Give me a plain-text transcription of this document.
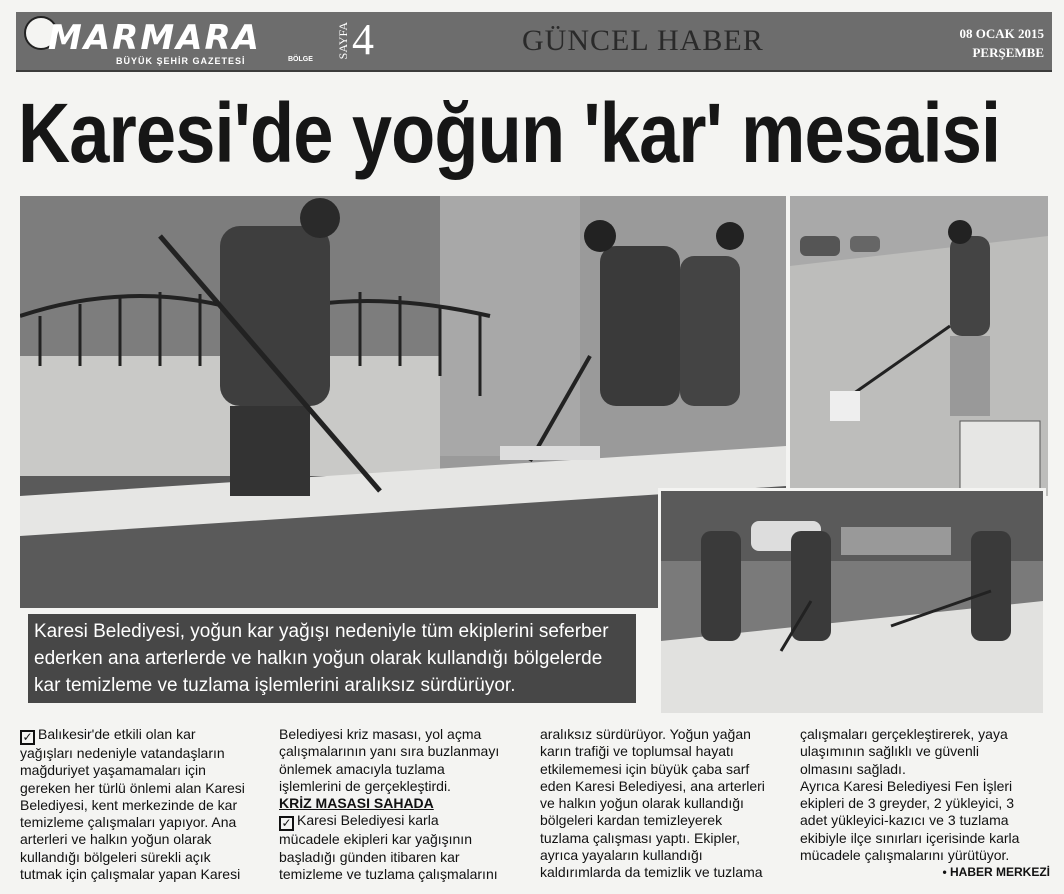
MARMARA
BÜYÜK ŞEHİR GAZETESİ	BÖLGE
SAYFA 4	GÜNCEL HABER	08 OCAK 2015
PERŞEMBE
Karesi'de yoğun 'kar' mesaisi
Karesi Belediyesi, yoğun kar yağışı nedeniyle tüm ekiplerini seferber
ederken ana arterlerde ve halkın yoğun olarak kullandığı bölgelerde
kar temizleme ve tuzlama işlemlerini aralıksız sürdürüyor.

✓ Balıkesir'de etkili olan kar

yağışları nedeniyle vatandaşların

mağduriyet yaşamamaları için

gereken her türlü önlemi alan Karesi

Belediyesi, kent merkezinde de kar

temizleme çalışmaları yapıyor. Ana

arterleri ve halkın yoğun olarak

kullandığı bölgeleri sürekli açık

tutmak için çalışmalar yapan Karesi

Belediyesi kriz masası, yol açma

çalışmalarının yanı sıra buzlanmayı

önlemek amacıyla tuzlama

işlemlerini de gerçekleştirdi.

KRİZ MASASI SAHADA

✓ Karesi Belediyesi karla

mücadele ekipleri kar yağışının

başladığı günden itibaren kar

temizleme ve tuzlama çalışmalarını

aralıksız sürdürüyor. Yoğun yağan

karın trafiği ve toplumsal hayatı

etkilememesi için büyük çaba sarf

eden Karesi Belediyesi, ana arterleri

ve halkın yoğun olarak kullandığı

bölgeleri kardan temizleyerek

tuzlama çalışması yaptı. Ekipler,

ayrıca yayaların kullandığı

kaldırımlarda da temizlik ve tuzlama

çalışmaları gerçekleştirerek, yaya

ulaşımının sağlıklı ve güvenli

olmasını sağladı.

Ayrıca Karesi Belediyesi Fen İşleri

ekipleri de 3 greyder, 2 yükleyici, 3

adet yükleyici-kazıcı ve 3 tuzlama

ekibiyle ilçe sınırları içerisinde karla

mücadele çalışmalarını yürütüyor.

• HABER MERKEZİ
